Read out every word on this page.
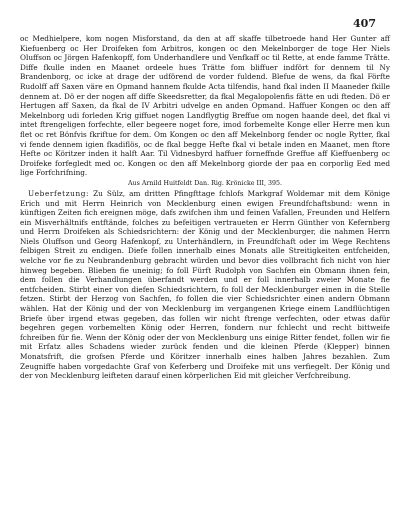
407

oc Medhielpere, kom nogen Misforstand, da den at aff skaffe tilbetroede hand Her Gunter aff Kiefuenberg oc Her Droifeken fom Arbitros, kongen oc den Mekelnborger de toge Her Niels Oluffson oc Jörgen Hafenkopff, fom Underhandlere und Venfkaff oc til Rette, at ende famme Trätte. Diffe fkulle inden en Maanet ordeele hues Trätte fom bliffuer indfört for dennem til Ny Brandenborg, oc icke at drage der udförend de vorder fuldend. Blefue de wens, da fkal Förfte Rudolff aff Saxen väre en Opmand hannem fkulde Acta tilfendis, hand fkal inden II Maaneder fkille dennem at. Dö er der nogen aff diffe Skeedsretter, da fkal Megalopolenfis fätte en udi fteden. Dö er Hertugen aff Saxen, da fkal de IV Arbitri udvelge en anden Opmand. Haffuer Kongen oc den aff Mekelnborg udi forleden Krig giffuet nogen Landflygtig Breffue om nogen haande deel, det fkal vi intet ftrengeligen forfechte, eller begeere noget fore, imod forbemelte Konge eller Herre men kun flet oc ret Bönfvis fkriftue for dem. Om Kongen oc den aff Mekelnborg fender oc nogle Rytter, fkal vi fende dennem igien fkadiflös, oc de fkal begge Hefte fkal vi betale inden en Maanet, men ftore Hefte oc Köritzer inden it halft Aar. Til Vidnesbyrd haffuer forneffnde Greffue aff Kieffuenberg oc Droifeke forfegledt med oc. Kongen oc den aff Mekelnborg giorde der paa en corporlig Eed med lige Forfchrifning.

Aus Arnild Huitfeldt Dan. Rig. Krönicke III, 395.

Ueberfetzung: Zu Sülz, am dritten Pfingfttage fchlofs Markgraf Woldemar mit dem Könige Erich und mit Herrn Heinrich von Mecklenburg einen ewigen Freundfchaftsbund: wenn in künftigen Zeiten fich ereignen möge, dafs zwifchen ihm und feinen Vafallen, Freunden und Helfern ein Misverhältnifs entftände, folches zu befeitigen vertraueten er Herrn Günther von Kefernberg und Herrn Droifeken als Schiedsrichtern: der König und der Mecklenburger, die nahmen Herrn Niels Oluffson und Georg Hafenkopf, zu Unterhändlern, in Freundfchaft oder im Wege Rechtens felbigen Streit zu endigen. Diefe follen innerhalb eines Monats alle Streitigkeiten entfcheiden, welche vor fie zu Neubrandenburg gebracht würden und bevor dies vollbracht fich nicht von hier hinweg begeben. Blieben fie uneinig; fo foll Fürft Rudolph von Sachfen ein Obmann ihnen fein, dem follen die Verhandlungen überfandt werden und er foll innerhalb zweier Monate fie entfcheiden. Stirbt einer von diefen Schiedsrichtern, fo foll der Mecklenburger einen in die Stelle fetzen. Stirbt der Herzog von Sachfen, fo follen die vier Schiedsrichter einen andern Obmann wählen. Hat der König und der von Mecklenburg im vergangenen Kriege einem Landflüchtigen Briefe über irgend etwas gegeben, das follen wir nicht ftrenge verfechten, oder etwas dafür begehren gegen vorbemelten König oder Herren, fondern nur fchlecht und recht bittweife fchreiben für fie. Wenn der König oder der von Mecklenburg uns einige Ritter fendet, follen wir fie mit Erfatz alles Schadens wieder zurück fenden und die kleinen Pferde (Klepper) binnen Monatsfrift, die grofsen Pferde und Köritzer innerhalb eines halben Jahres bezahlen. Zum Zeugniffe haben vorgedachte Graf von Keferberg und Droifeke mit uns verfiegelt. Der König und der von Mecklenburg leifteten darauf einen körperlichen Eid mit gleicher Verfchreibung.
